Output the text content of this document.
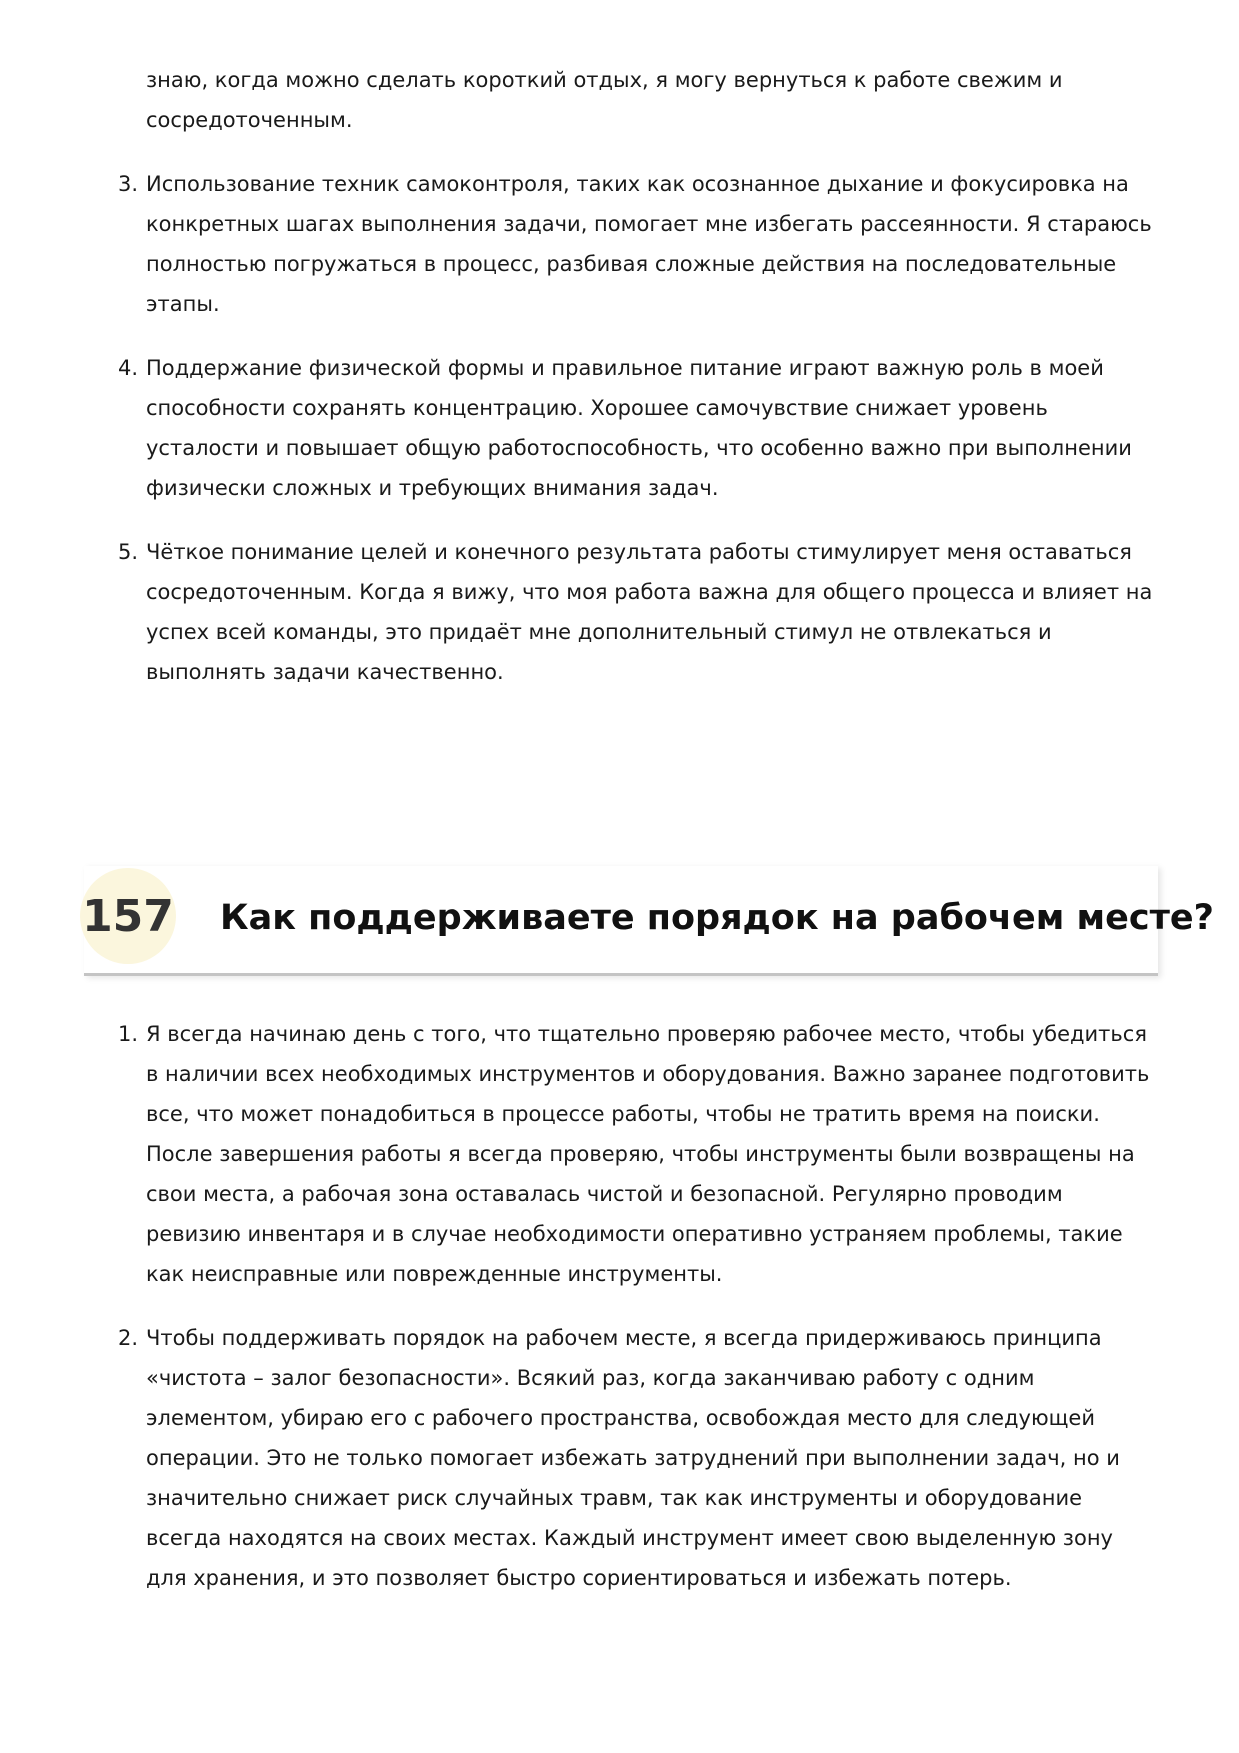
знаю, когда можно сделать короткий отдых, я могу вернуться к работе свежим и сосредоточенным.
3. Использование техник самоконтроля, таких как осознанное дыхание и фокусировка на конкретных шагах выполнения задачи, помогает мне избегать рассеянности. Я стараюсь полностью погружаться в процесс, разбивая сложные действия на последовательные этапы.
4. Поддержание физической формы и правильное питание играют важную роль в моей способности сохранять концентрацию. Хорошее самочувствие снижает уровень усталости и повышает общую работоспособность, что особенно важно при выполнении физически сложных и требующих внимания задач.
5. Чёткое понимание целей и конечного результата работы стимулирует меня оставаться сосредоточенным. Когда я вижу, что моя работа важна для общего процесса и влияет на успех всей команды, это придаёт мне дополнительный стимул не отвлекаться и выполнять задачи качественно.
157 Как поддерживаете порядок на рабочем месте?
1. Я всегда начинаю день с того, что тщательно проверяю рабочее место, чтобы убедиться в наличии всех необходимых инструментов и оборудования. Важно заранее подготовить все, что может понадобиться в процессе работы, чтобы не тратить время на поиски. После завершения работы я всегда проверяю, чтобы инструменты были возвращены на свои места, а рабочая зона оставалась чистой и безопасной. Регулярно проводим ревизию инвентаря и в случае необходимости оперативно устраняем проблемы, такие как неисправные или поврежденные инструменты.
2. Чтобы поддерживать порядок на рабочем месте, я всегда придерживаюсь принципа «чистота – залог безопасности». Всякий раз, когда заканчиваю работу с одним элементом, убираю его с рабочего пространства, освобождая место для следующей операции. Это не только помогает избежать затруднений при выполнении задач, но и значительно снижает риск случайных травм, так как инструменты и оборудование всегда находятся на своих местах. Каждый инструмент имеет свою выделенную зону для хранения, и это позволяет быстро сориентироваться и избежать потерь.
